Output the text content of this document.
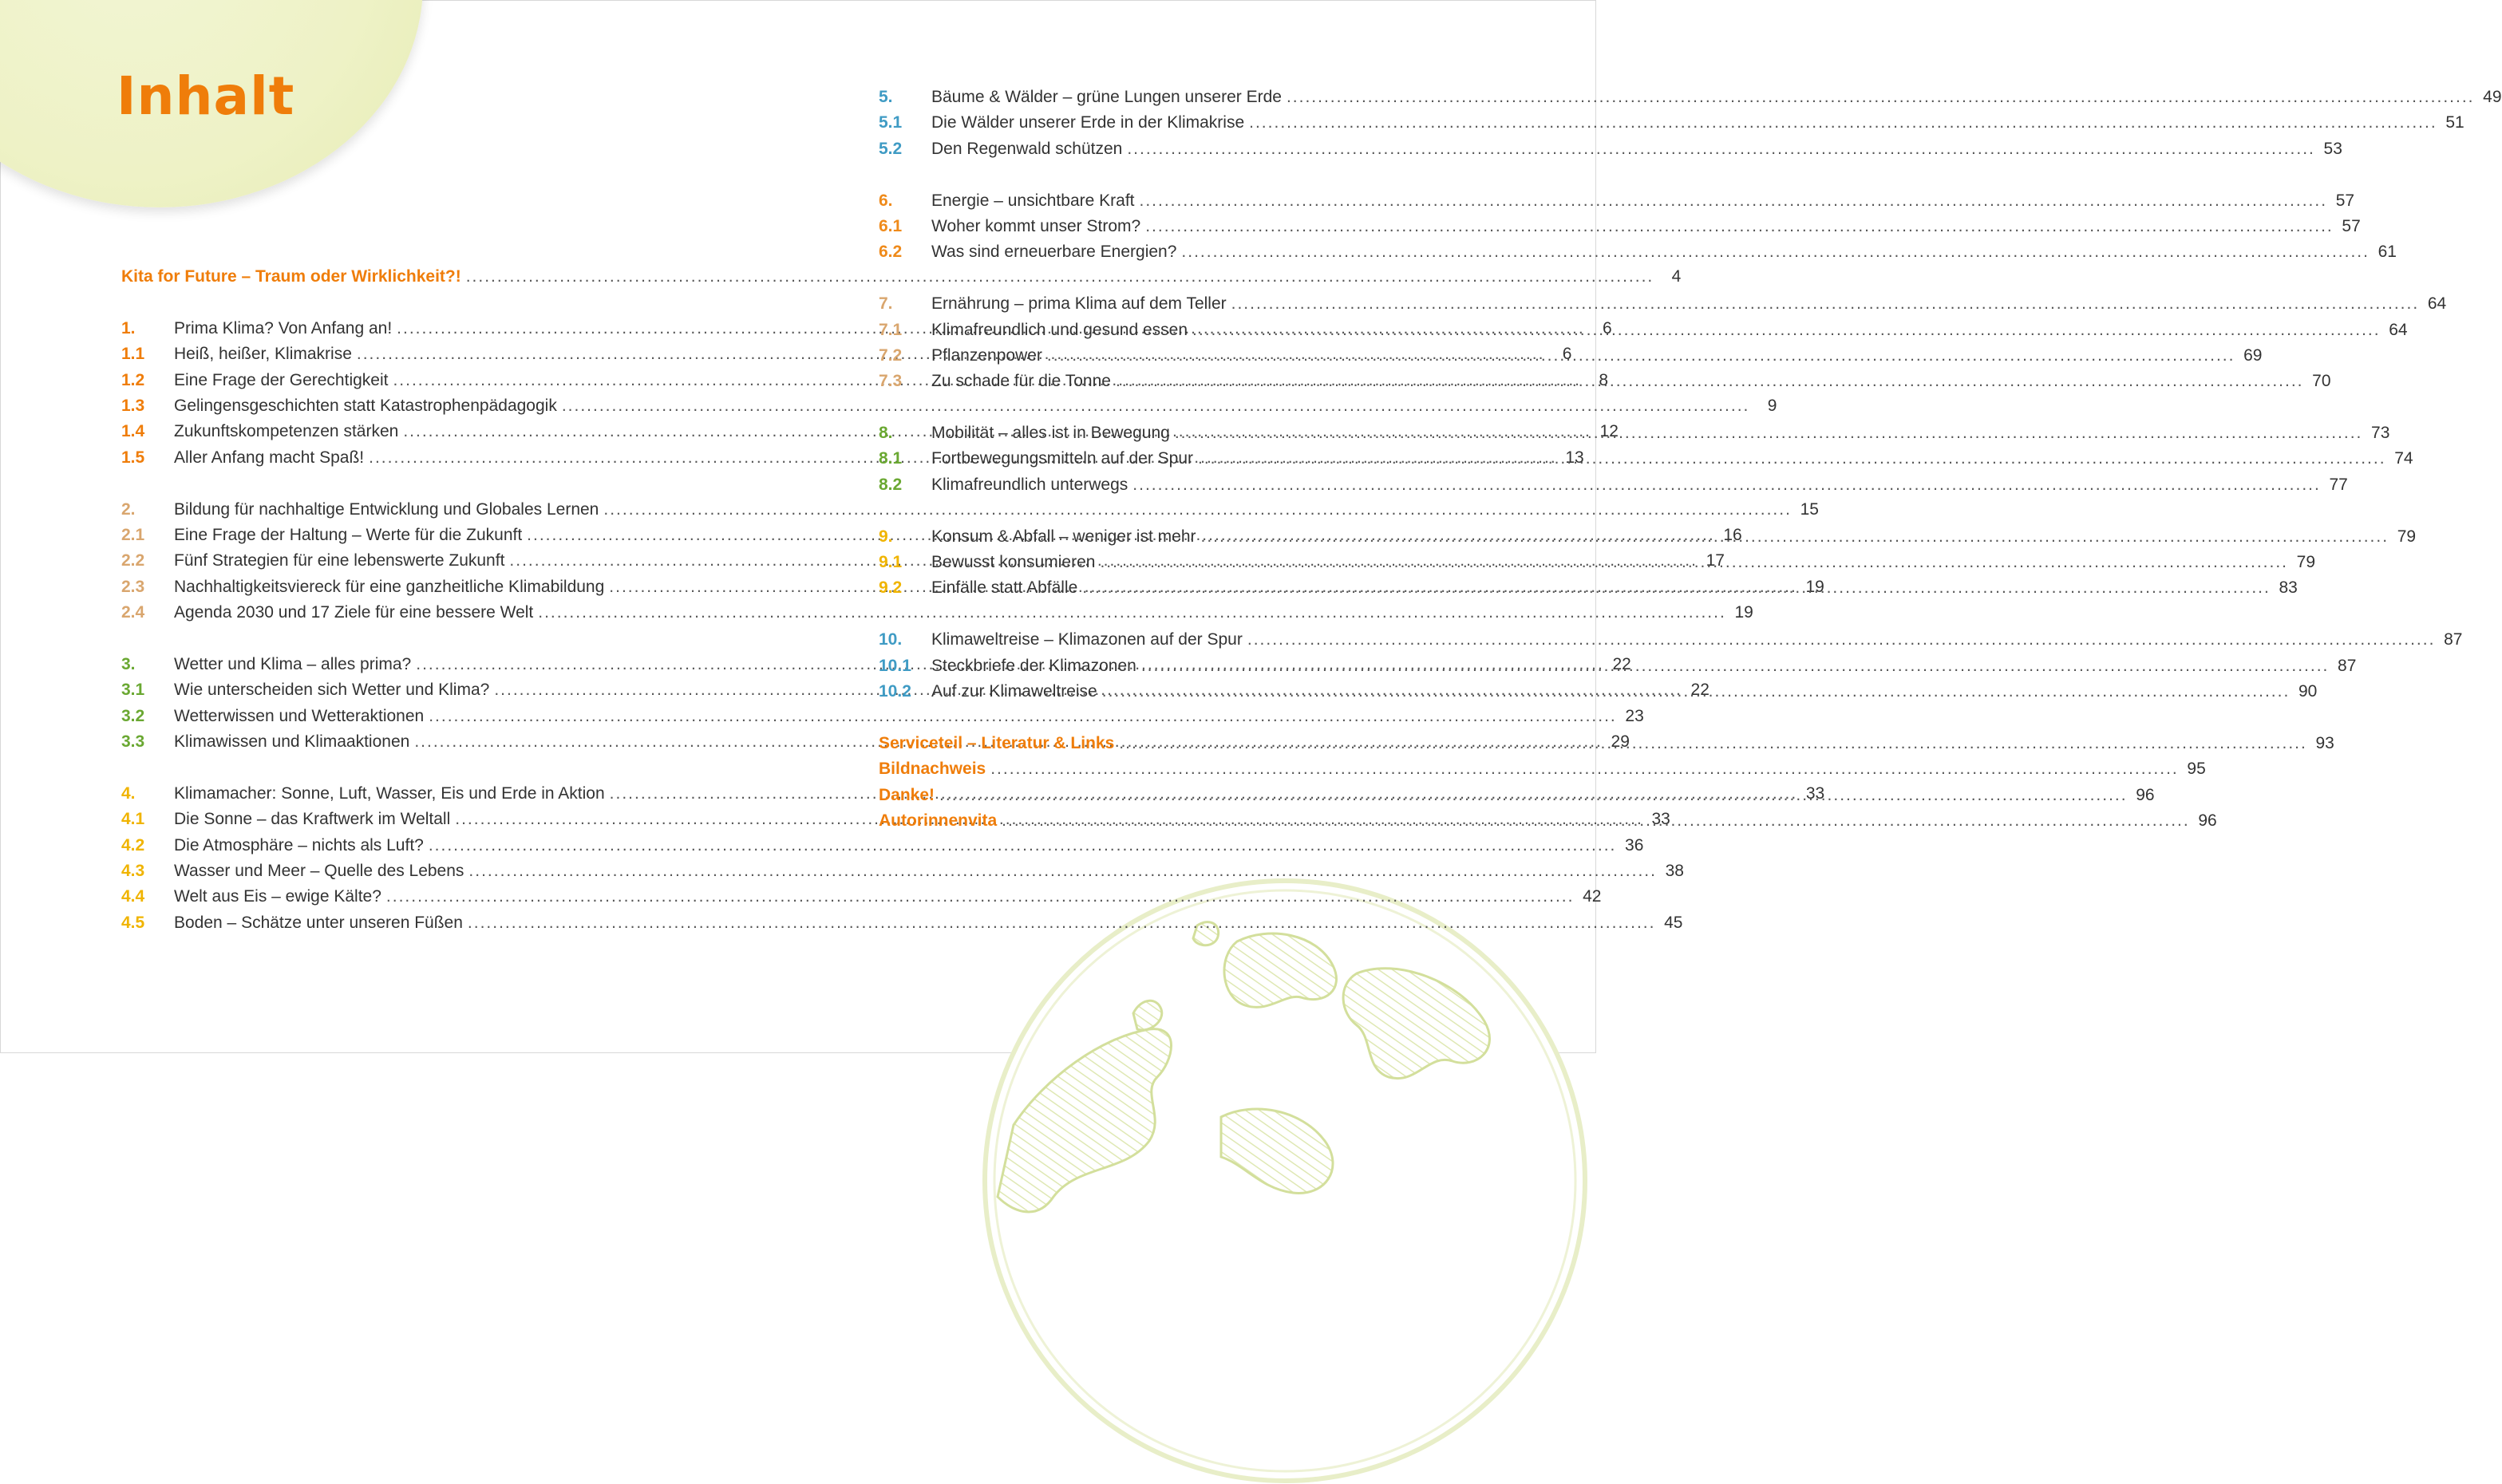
Inhalt
Kita for Future – Traum oder Wirklichkeit?! .....	4
1.	Prima Klima? Von Anfang an! .....	6
1.1	Heiß, heißer, Klimakrise .....	6
1.2	Eine Frage der Gerechtigkeit .....	8
1.3	Gelingensgeschichten statt Katastrophenpädagogik .....	9
1.4	Zukunftskompetenzen stärken .....	12
1.5	Aller Anfang macht Spaß! .....	13
2.	Bildung für nachhaltige Entwicklung und Globales Lernen .....	15
2.1	Eine Frage der Haltung – Werte für die Zukunft .....	16
2.2	Fünf Strategien für eine lebenswerte Zukunft .....	17
2.3	Nachhaltigkeitsviereck für eine ganzheitliche Klimabildung .....	19
2.4	Agenda 2030 und 17 Ziele für eine bessere Welt .....	19
3.	Wetter und Klima – alles prima? .....	22
3.1	Wie unterscheiden sich Wetter und Klima? .....	22
3.2	Wetterwissen und Wetteraktionen .....	23
3.3	Klimawissen und Klimaaktionen .....	29
4.	Klimamacher: Sonne, Luft, Wasser, Eis und Erde in Aktion .....	33
4.1	Die Sonne – das Kraftwerk im Weltall .....	33
4.2	Die Atmosphäre – nichts als Luft? .....	36
4.3	Wasser und Meer – Quelle des Lebens .....	38
4.4	Welt aus Eis – ewige Kälte? .....	42
4.5	Boden – Schätze unter unseren Füßen .....	45
5.	Bäume & Wälder – grüne Lungen unserer Erde .....	49
5.1	Die Wälder unserer Erde in der Klimakrise .....	51
5.2	Den Regenwald schützen .....	53
6.	Energie – unsichtbare Kraft .....	57
6.1	Woher kommt unser Strom? .....	57
6.2	Was sind erneuerbare Energien? .....	61
7.	Ernährung – prima Klima auf dem Teller .....	64
7.1	Klimafreundlich und gesund essen .....	64
7.2	Pflanzenpower .....	69
7.3	Zu schade für die Tonne .....	70
8.	Mobilität – alles ist in Bewegung .....	73
8.1	Fortbewegungsmitteln auf der Spur .....	74
8.2	Klimafreundlich unterwegs .....	77
9.	Konsum & Abfall – weniger ist mehr .....	79
9.1	Bewusst konsumieren .....	79
9.2	Einfälle statt Abfälle .....	83
10.	Klimaweltreise – Klimazonen auf der Spur .....	87
10.1	Steckbriefe der Klimazonen .....	87
10.2	Auf zur Klimaweltreise .....	90
Serviceteil – Literatur & Links .....	93
Bildnachweis .....	95
Danke! .....	96
Autorinnenvita .....	96
